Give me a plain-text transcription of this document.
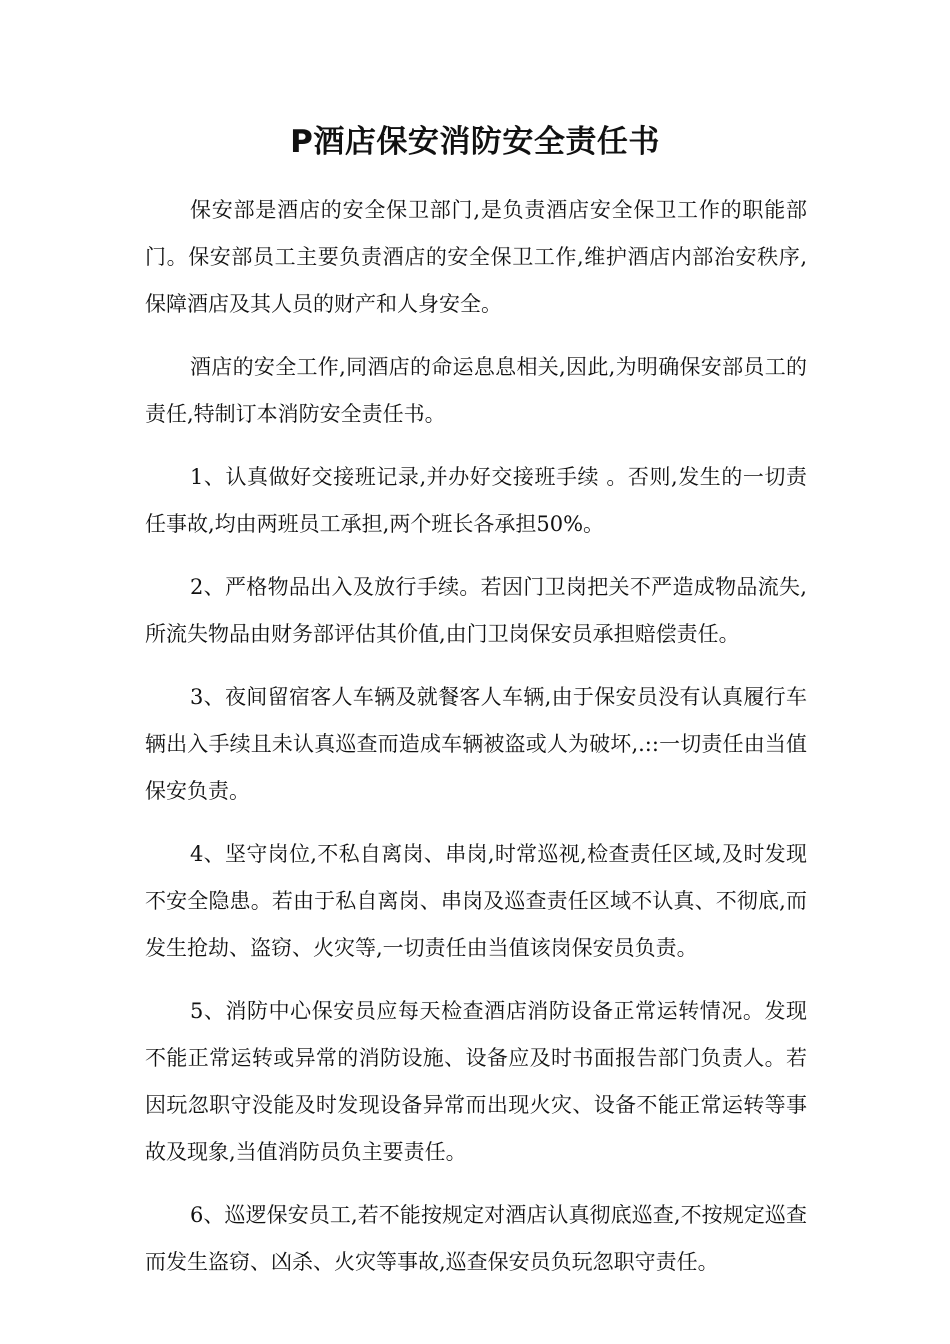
P酒店保安消防安全责任书

保安部是酒店的安全保卫部门,是负责酒店安全保卫工作的职能部门。保安部员工主要负责酒店的安全保卫工作,维护酒店内部治安秩序,保障酒店及其人员的财产和人身安全。

酒店的安全工作,同酒店的命运息息相关,因此,为明确保安部员工的责任,特制订本消防安全责任书。

1、认真做好交接班记录,并办好交接班手续 。否则,发生的一切责任事故,均由两班员工承担,两个班长各承担50%。

2、严格物品出入及放行手续。若因门卫岗把关不严造成物品流失,所流失物品由财务部评估其价值,由门卫岗保安员承担赔偿责任。

3、夜间留宿客人车辆及就餐客人车辆,由于保安员没有认真履行车辆出入手续且未认真巡查而造成车辆被盗或人为破坏,.::一切责任由当值保安负责。

4、坚守岗位,不私自离岗、串岗,时常巡视,检查责任区域,及时发现不安全隐患。若由于私自离岗、串岗及巡查责任区域不认真、不彻底,而发生抢劫、盗窃、火灾等,一切责任由当值该岗保安员负责。

5、消防中心保安员应每天检查酒店消防设备正常运转情况。发现不能正常运转或异常的消防设施、设备应及时书面报告部门负责人。若因玩忽职守没能及时发现设备异常而出现火灾、设备不能正常运转等事故及现象,当值消防员负主要责任。

6、巡逻保安员工,若不能按规定对酒店认真彻底巡查,不按规定巡查而发生盗窃、凶杀、火灾等事故,巡查保安员负玩忽职守责任。
